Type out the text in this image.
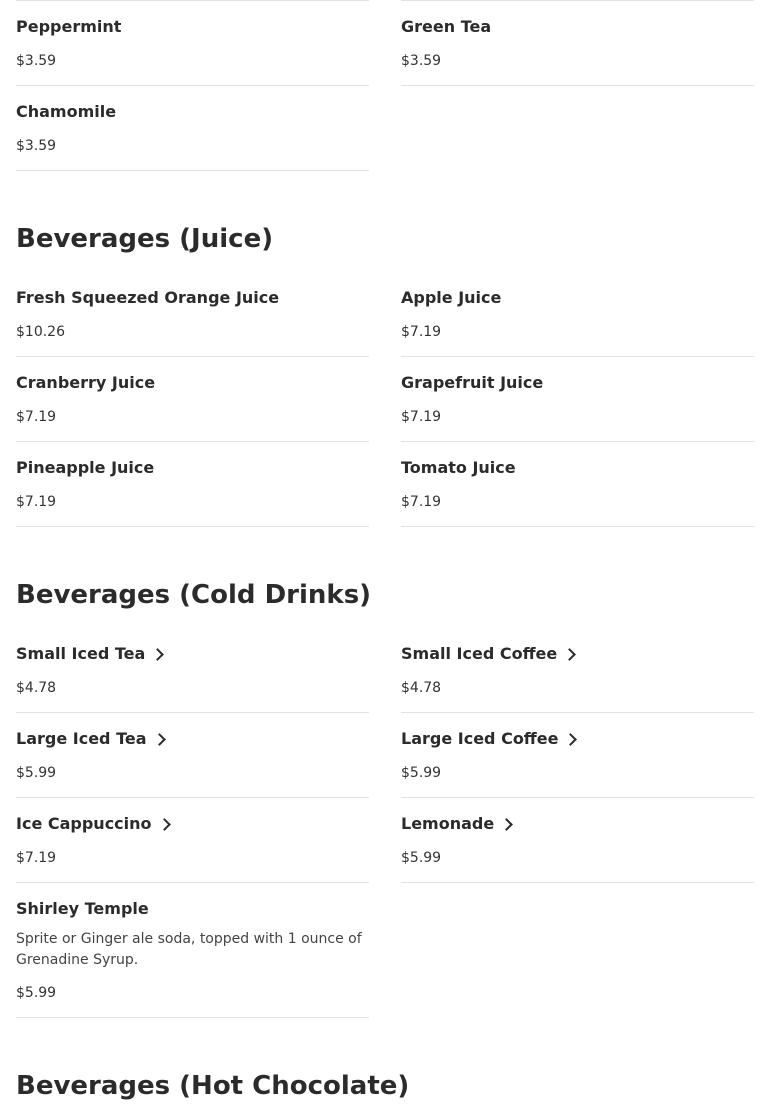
Peppermint
$3.59
Green Tea
$3.59
Chamomile
$3.59
Beverages (Juice)
Fresh Squeezed Orange Juice
$10.26
Apple Juice
$7.19
Cranberry Juice
$7.19
Grapefruit Juice
$7.19
Pineapple Juice
$7.19
Tomato Juice
$7.19
Beverages (Cold Drinks)
Small Iced Tea
$4.78
Small Iced Coffee
$4.78
Large Iced Tea
$5.99
Large Iced Coffee
$5.99
Ice Cappuccino
$7.19
Lemonade
$5.99
Shirley Temple
Sprite or Ginger ale soda, topped with 1 ounce of Grenadine Syrup.
$5.99
Beverages (Hot Chocolate)
